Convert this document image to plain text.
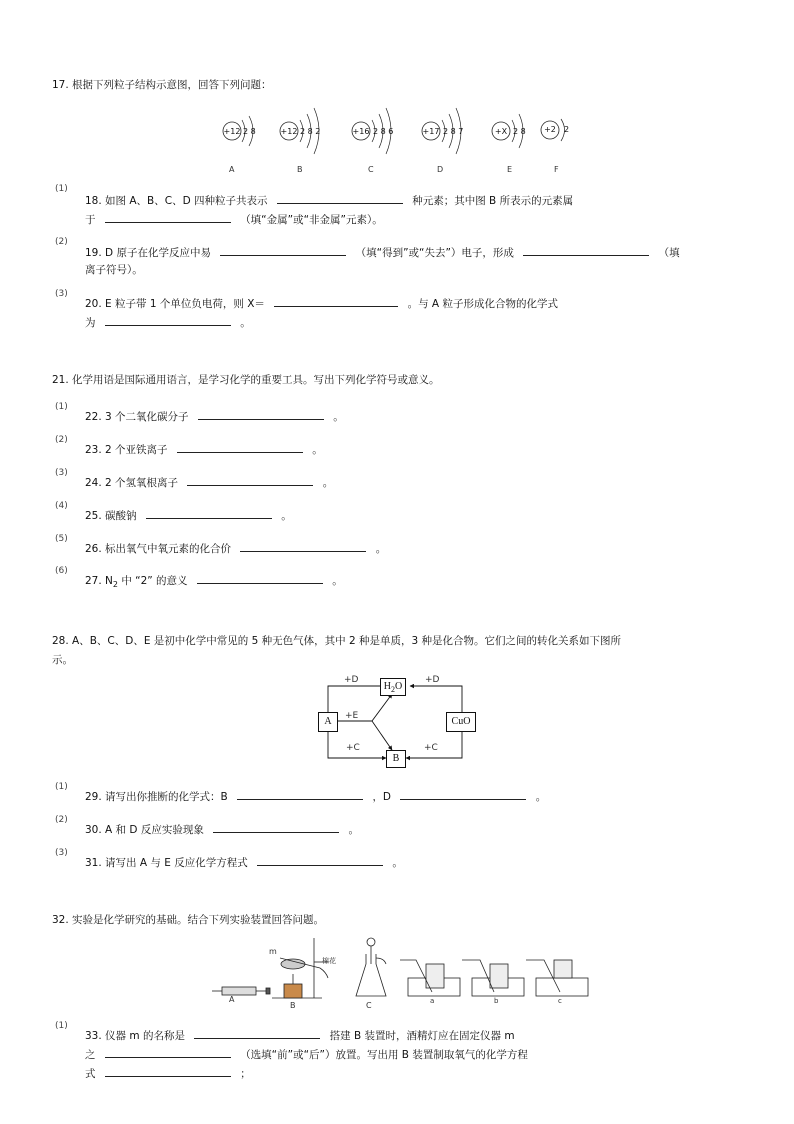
17. 根据下列粒子结构示意图，回答下列问题：
+12 2 8
A
+12 2 8 2
B
+16 2 8 6
C
+17 2 8 7
D
+X 2 8
E
+2	2
F
(1)
18. 如图 A、B、C、D 四种粒子共表示	种元素；其中图 B 所表示的元素属
于	（填“金属”或“非金属”元素）。
(2)
19. D 原子在化学反应中易	（填“得到”或“失去”）电子，形成	（填
离子符号）。
(3)
20. E 粒子带 1 个单位负电荷，则 X＝	。与 A 粒子形成化合物的化学式
为	。
21. 化学用语是国际通用语言，是学习化学的重要工具。写出下列化学符号或意义。
(1)
22. 3 个二氧化碳分子	。
(2)
23. 2 个亚铁离子	。
(3)
24. 2 个氢氧根离子	。
(4)
25. 碳酸钠	。
(5)
26. 标出氧气中氧元素的化合价	。
(6)
27. $N_2$ 中 “2” 的意义	。
28. A、B、C、D、E 是初中化学中常见的 5 种无色气体，其中 2 种是单质，3 种是化合物。它们之间的转化关系如下图所
示。
$H_2O$
A	CuO
B
+D	+D
+E
+C	+C
(1)
29. 请写出你推断的化学式：B	，D	。
(2)
30. A 和 D 反应实验现象	。
(3)
31. 请写出 A 与 E 反应化学方程式	。
32. 实验是化学研究的基础。结合下列实验装置回答问题。
A
B	C	a	b	c
m
棉花
(1)
33. 仪器 m 的名称是	搭建 B 装置时，酒精灯应在固定仪器 m
之	（选填“前”或“后”）放置。写出用 B 装置制取氧气的化学方程
式	；
